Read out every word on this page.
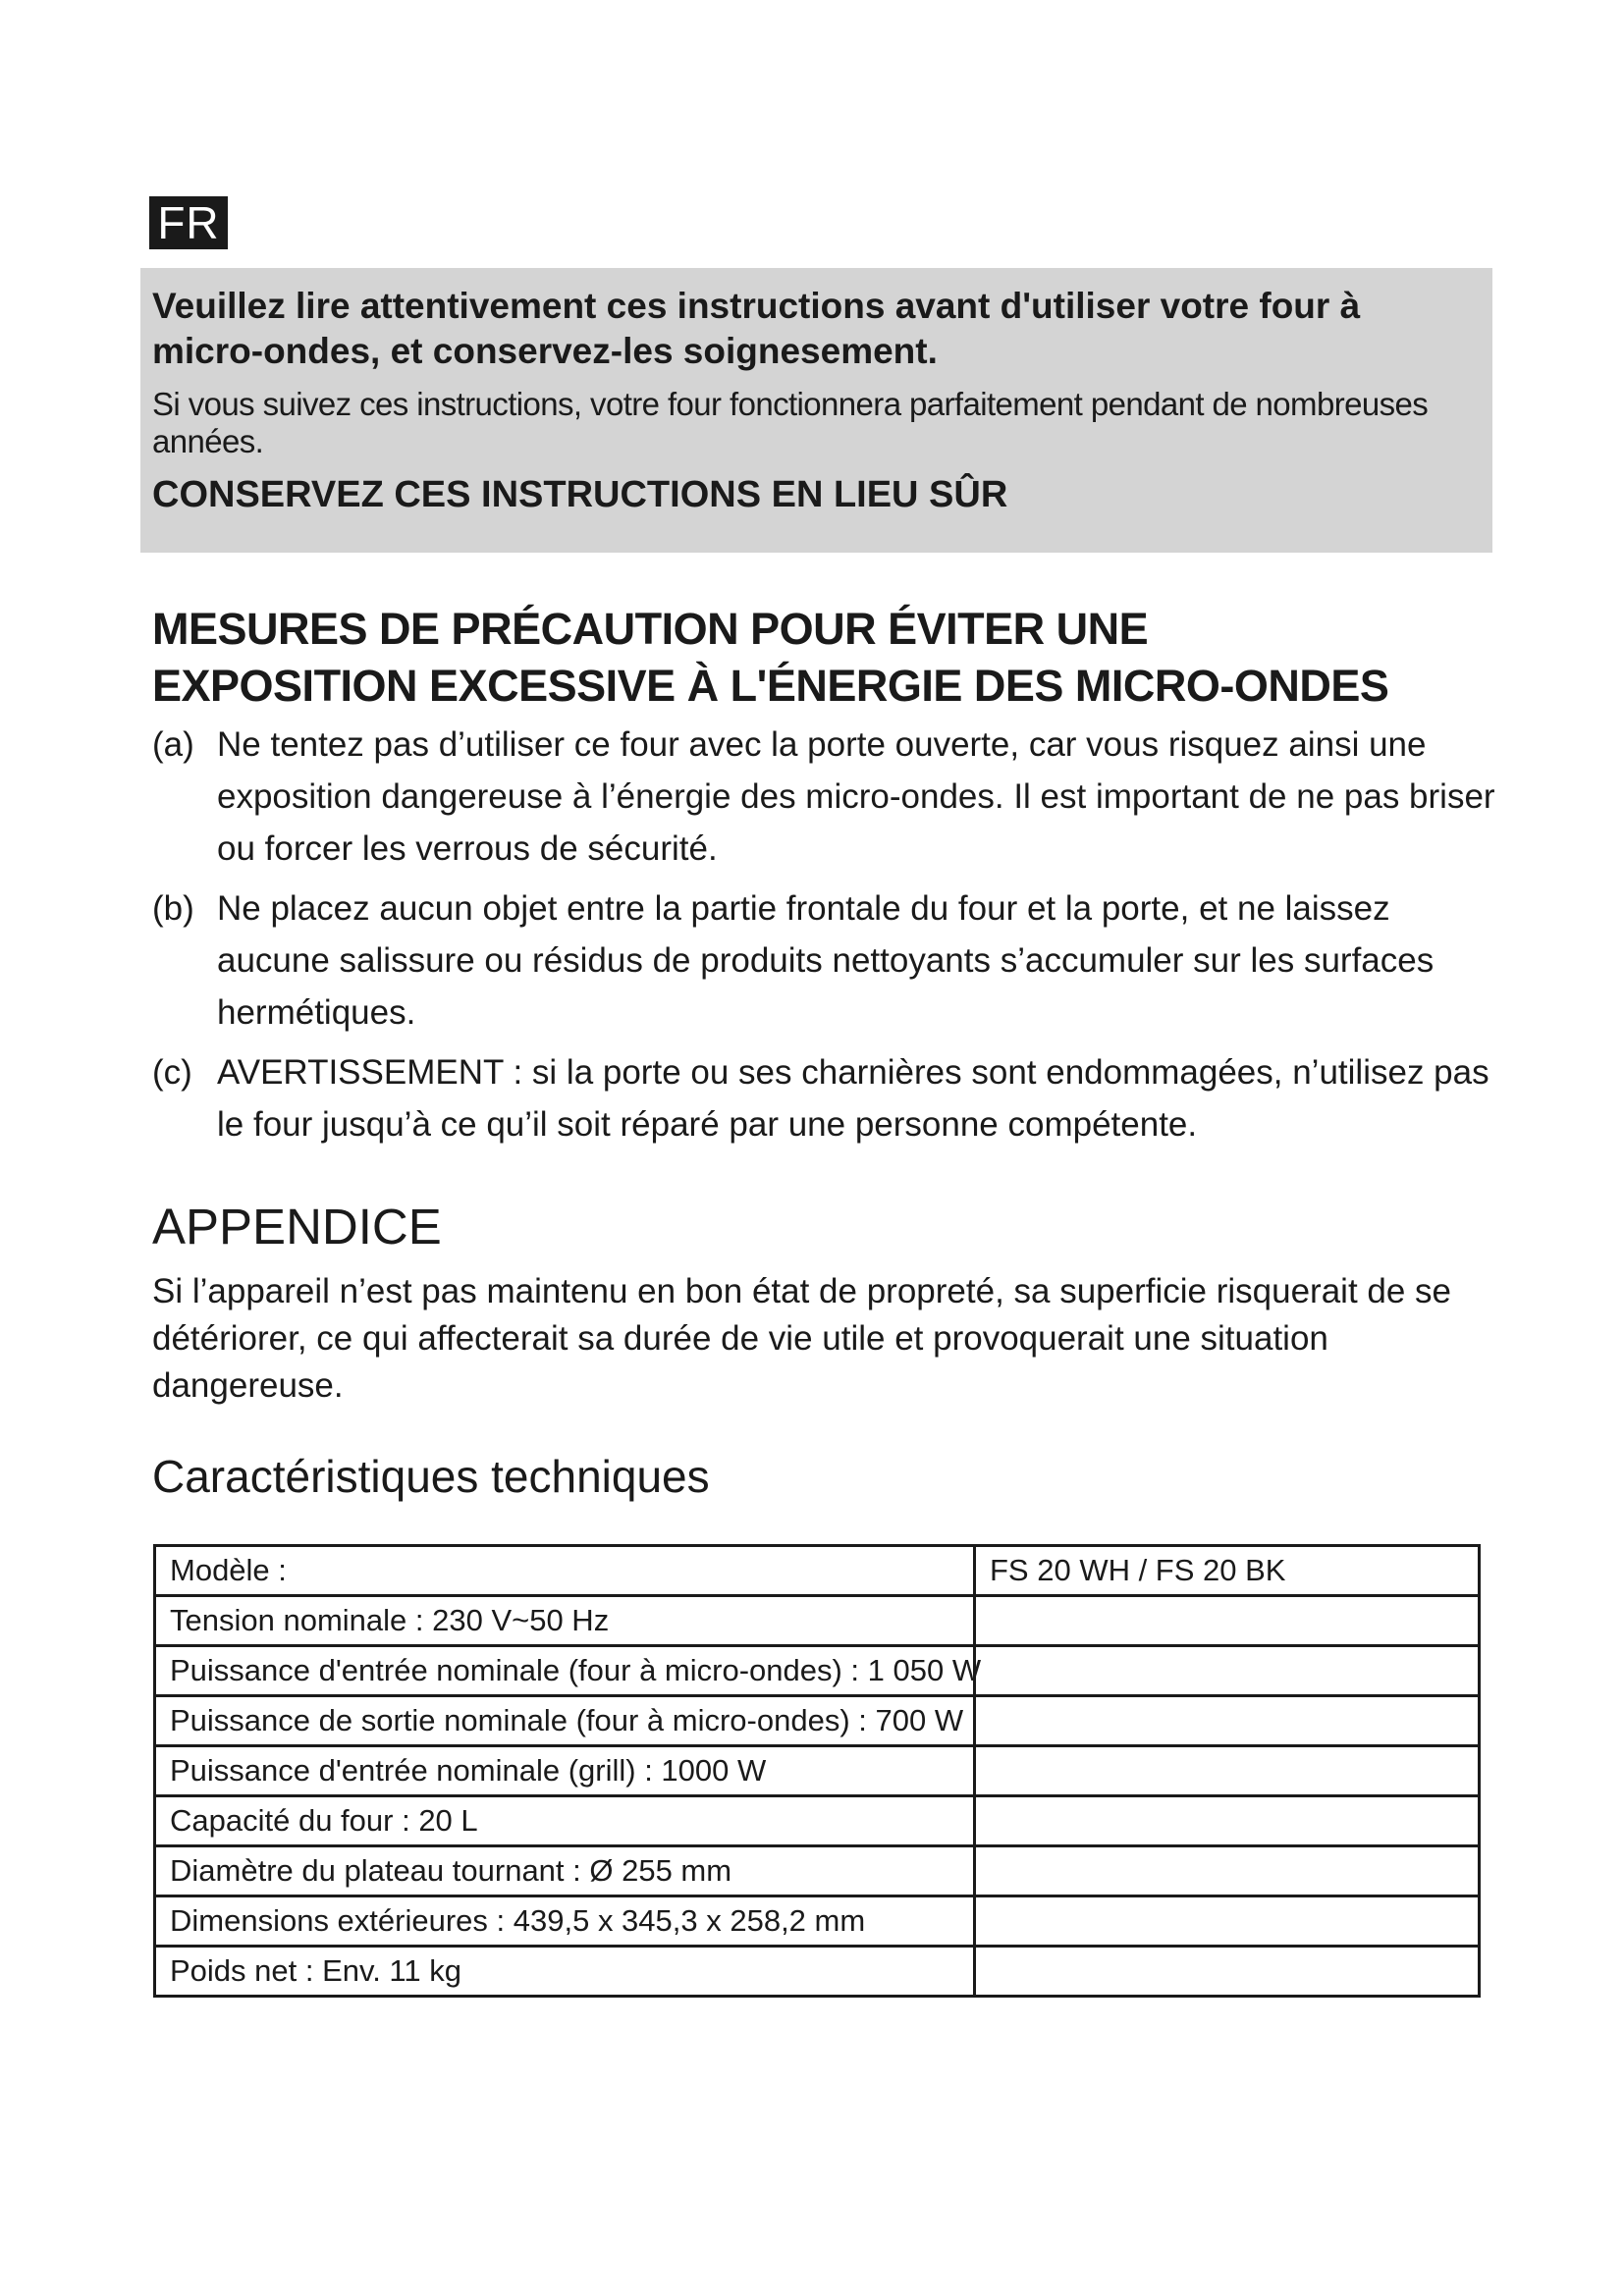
FR

Veuillez lire attentivement ces instructions avant d'utiliser votre four à micro-ondes, et conservez-les soignesement.

Si vous suivez ces instructions, votre four fonctionnera parfaitement pendant de nombreuses années.

CONSERVEZ CES INSTRUCTIONS EN LIEU SÛR

MESURES DE PRÉCAUTION POUR ÉVITER UNE
EXPOSITION EXCESSIVE À L'ÉNERGIE DES MICRO-ONDES
(a) Ne tentez pas d’utiliser ce four avec la porte ouverte, car vous risquez ainsi une exposition dangereuse à l’énergie des micro-ondes. Il est important de ne pas briser ou forcer les verrous de sécurité.
(b) Ne placez aucun objet entre la partie frontale du four et la porte, et ne laissez aucune salissure ou résidus de produits nettoyants s’accumuler sur les surfaces hermétiques.
(c) AVERTISSEMENT : si la porte ou ses charnières sont endommagées, n’utilisez pas le four jusqu’à ce qu’il soit réparé par une personne compétente.
APPENDICE

Si l’appareil n’est pas maintenu en bon état de propreté, sa superficie risquerait de se détériorer, ce qui affecterait sa durée de vie utile et provoquerait une situation dangereuse.

Caractéristiques techniques
Modèle :	FS 20 WH / FS 20 BK
Tension nominale : 230 V~50 Hz	
Puissance d'entrée nominale (four à micro-ondes) : 1 050 W	
Puissance de sortie nominale (four à micro-ondes) : 700 W	
Puissance d'entrée nominale (grill) : 1000 W	
Capacité du four : 20 L	
Diamètre du plateau tournant : Ø 255 mm	
Dimensions extérieures : 439,5 x 345,3 x 258,2 mm	
Poids net : Env. 11 kg	
